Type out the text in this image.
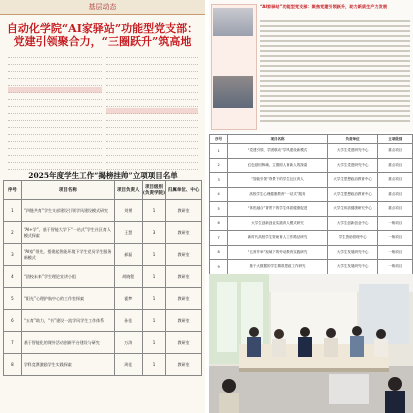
基层动态
自动化学院“AI家驿站”功能型党支部：
党建引领聚合力，“三圈跃升”筑高地
2025年度学生工作“揭榜挂帅”立项项目名单
序号	项目名称	项目负责人	项目级别(负责学院)	归属单位、中心
1	“四链共育”学生支部建设引领学风建设模式研究	刘赟	1	教研室
2	“AI+学”，基于智能大学下“一站式”学生社区育人模式探索	王慧	3	教研室
3	“AI家”领先，搭建起智能环境下学生党员学生服务新模式	郝磊	1	教研室
4	“团校未来”学生理论宣讲小组	胡晓程	1	教研室
5	“阳光”心理护航中心的工作室探索	霍梦	1	教研室
6	“五育”助力，“书”建设一流学风学生工作体系	孙佳	1	教研室
7	基于智能化的课外活动创新平台建设与研究	万涛	1	教研室
8	学科竞赛激励学生实践探索	周佳	1	教研室
“AI家驿站”功能型党支部：聚焦党建引领跃升，助力新质生产力发展
序号	项目名称	负责单位	立项级别
1	“党建引领、学团联动”学风建设新模式	大学生党建研究中心	重点项目
2	红色基因铸魂，立德树人育新人的探索	大学生党建研究中心	重点项目
3	“智能引领”背景下的学生社区育人	大学生思想政治教育中心	重点项目
4	高校学生心理健康教育“一站式”服务	大学生思想政治教育中心	重点项目
5	“体医融合”背景下的学生体质健康促进	大学生体质健康研究中心	重点项目
6	大学生创新创业实践育人模式研究	大学生创新创业中心	一般项目
7	新时代高校学生资助育人工作路径研究	学生资助管理中心	一般项目
8	“五育并举”视域下的劳动教育实践研究	大学生发展研究中心	一般项目
9	基于大数据的学生精准思政工作研究	大学生发展研究中心	一般项目
